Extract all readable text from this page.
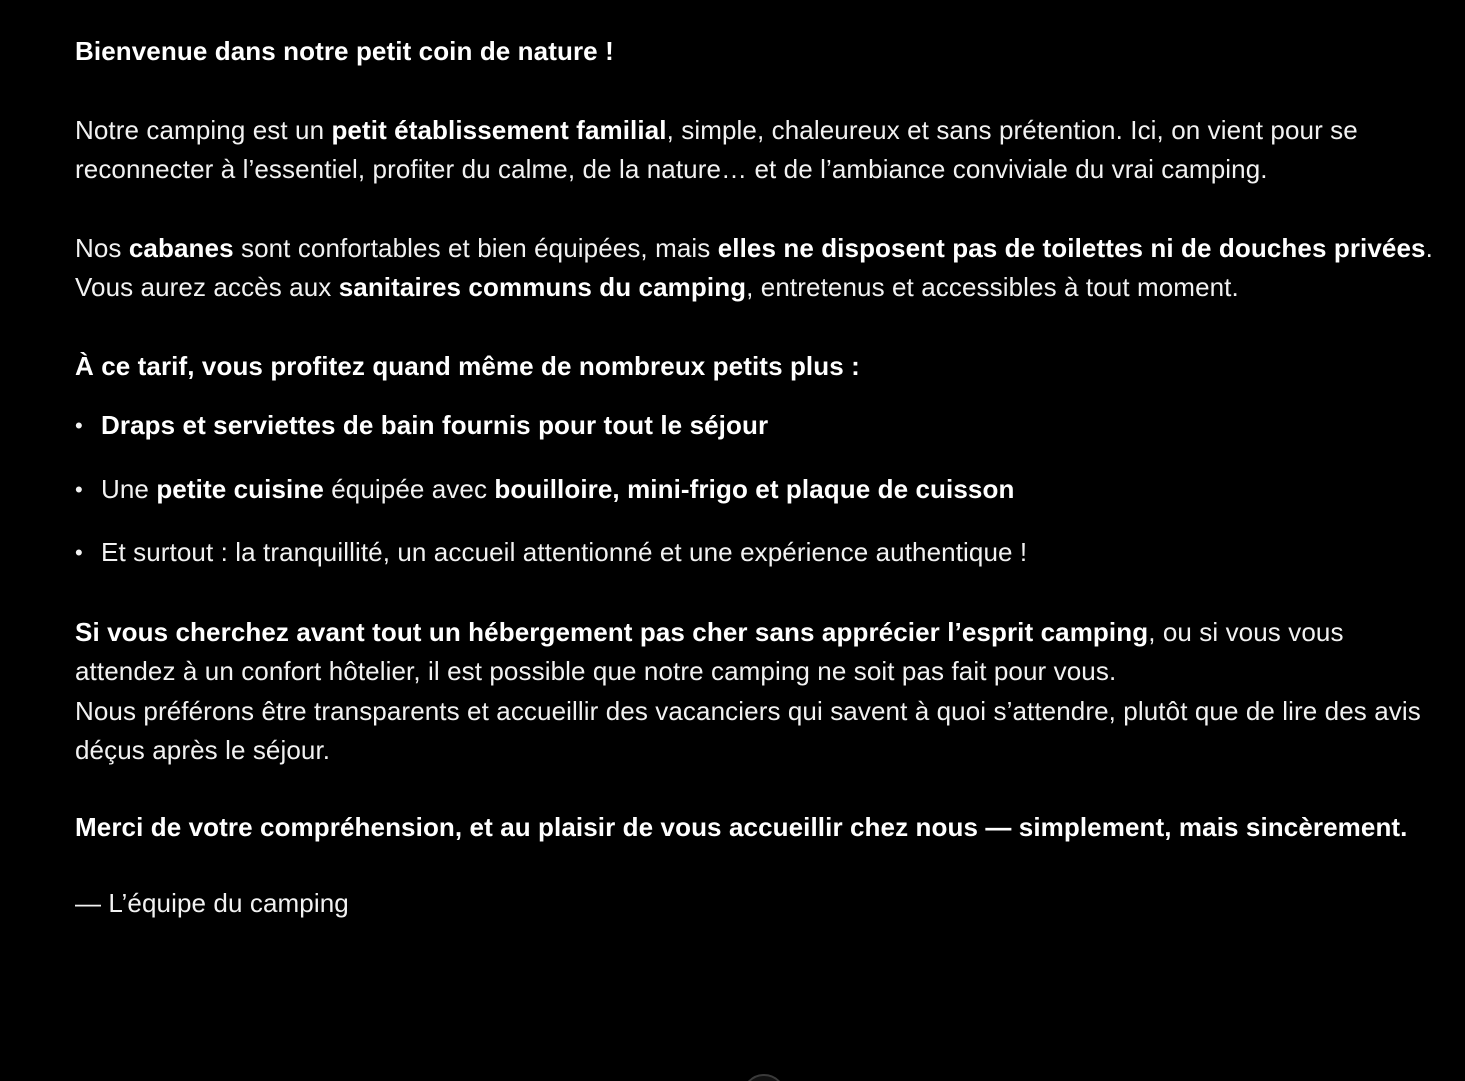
Bienvenue dans notre petit coin de nature !

Notre camping est un petit établissement familial, simple, chaleureux et sans prétention. Ici, on vient pour se reconnecter à l’essentiel, profiter du calme, de la nature… et de l’ambiance conviviale du vrai camping.

Nos cabanes sont confortables et bien équipées, mais elles ne disposent pas de toilettes ni de douches privées. Vous aurez accès aux sanitaires communs du camping, entretenus et accessibles à tout moment.

À ce tarif, vous profitez quand même de nombreux petits plus :

• Draps et serviettes de bain fournis pour tout le séjour
• Une petite cuisine équipée avec bouilloire, mini-frigo et plaque de cuisson
• Et surtout : la tranquillité, un accueil attentionné et une expérience authentique !

Si vous cherchez avant tout un hébergement pas cher sans apprécier l’esprit camping, ou si vous vous attendez à un confort hôtelier, il est possible que notre camping ne soit pas fait pour vous.
Nous préférons être transparents et accueillir des vacanciers qui savent à quoi s’attendre, plutôt que de lire des avis déçus après le séjour.

Merci de votre compréhension, et au plaisir de vous accueillir chez nous — simplement, mais sincèrement.

— L’équipe du camping
